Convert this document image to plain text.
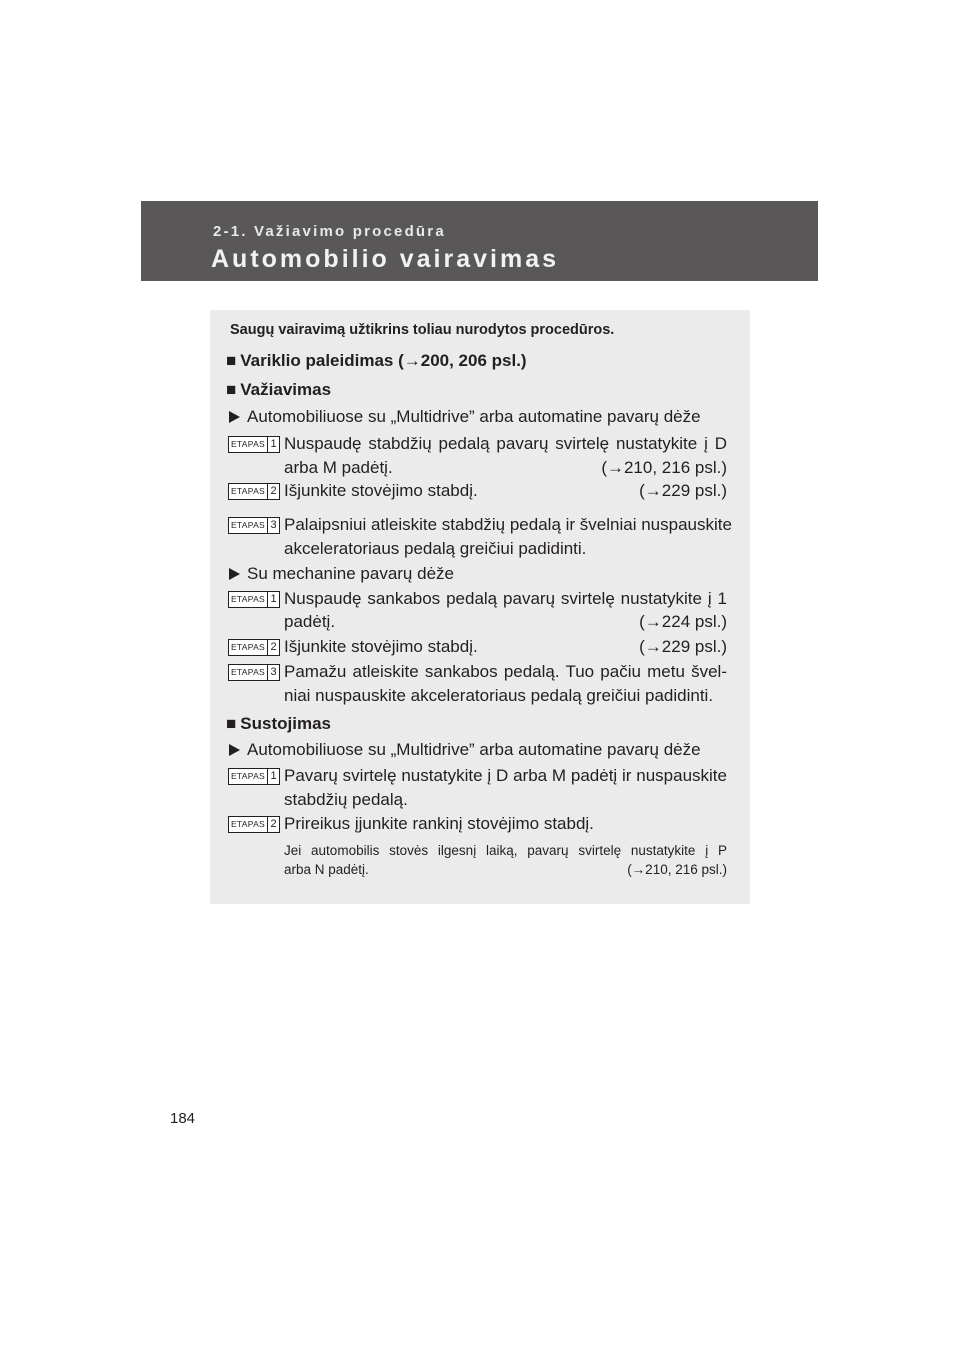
2-1. Važiavimo procedūra
Automobilio vairavimas
Saugų vairavimą užtikrins toliau nurodytos procedūros.
■ Variklio paleidimas (→200, 206 psl.)
■ Važiavimas
Automobiliuose su „Multidrive” arba automatine pavarų dėže
ETAPAS 1 Nuspaudę stabdžių pedalą pavarų svirtelę nustatykite į D
arba M padėtį.	(→210, 216 psl.)
ETAPAS 2 Išjunkite stovėjimo stabdį.	(→229 psl.)
ETAPAS 3 Palaipsniui atleiskite stabdžių pedalą ir švelniai nuspauskite
akceleratoriaus pedalą greičiui padidinti.
Su mechanine pavarų dėže
ETAPAS 1 Nuspaudę sankabos pedalą pavarų svirtelę nustatykite į 1
padėtį.	(→224 psl.)
ETAPAS 2 Išjunkite stovėjimo stabdį.	(→229 psl.)
ETAPAS 3 Pamažu atleiskite sankabos pedalą. Tuo pačiu metu švel-
niai nuspauskite akceleratoriaus pedalą greičiui padidinti.
■ Sustojimas
Automobiliuose su „Multidrive” arba automatine pavarų dėže
ETAPAS 1 Pavarų svirtelę nustatykite į D arba M padėtį ir nuspauskite
stabdžių pedalą.
ETAPAS 2 Prireikus įjunkite rankinį stovėjimo stabdį.
Jei automobilis stovės ilgesnį laiką, pavarų svirtelę nustatykite į P
arba N padėtį.	(→210, 216 psl.)
184
